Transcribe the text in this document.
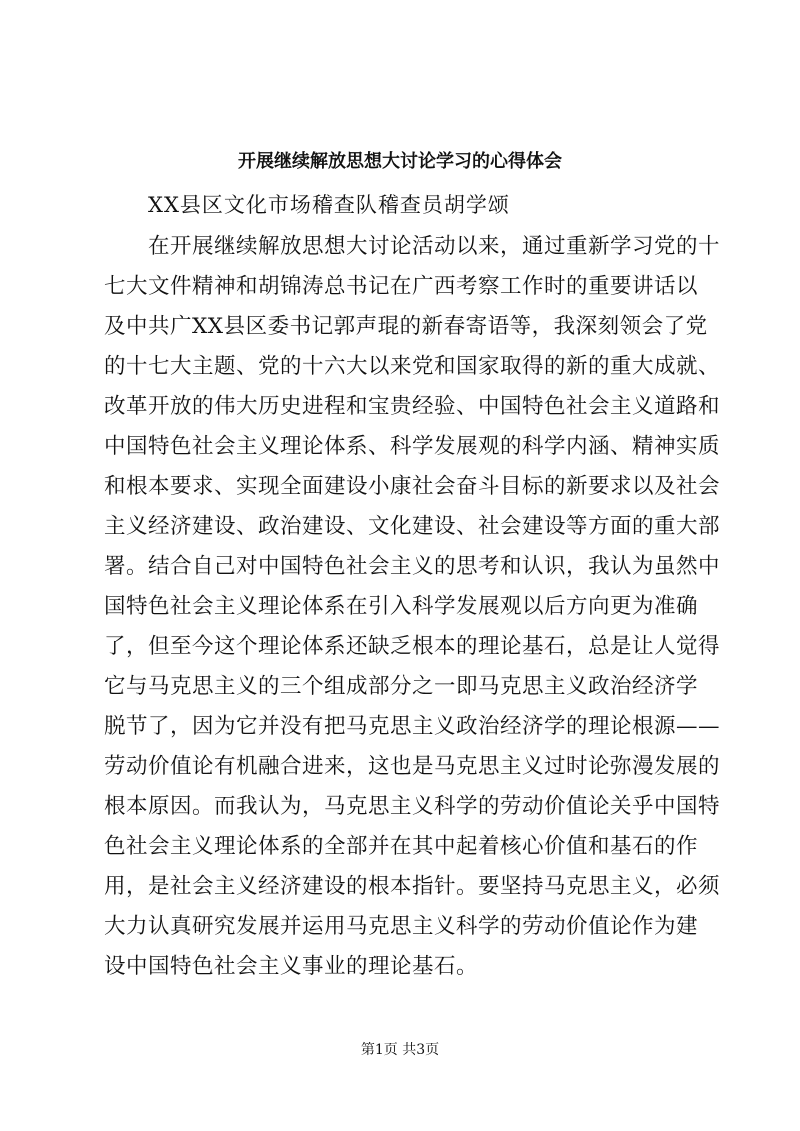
开展继续解放思想大讨论学习的心得体会
XX县区文化市场稽查队稽查员胡学颂
在开展继续解放思想大讨论活动以来，通过重新学习党的十
七大文件精神和胡锦涛总书记在广西考察工作时的重要讲话以
及中共广XX县区委书记郭声琨的新春寄语等，我深刻领会了党
的十七大主题、党的十六大以来党和国家取得的新的重大成就、
改革开放的伟大历史进程和宝贵经验、中国特色社会主义道路和
中国特色社会主义理论体系、科学发展观的科学内涵、精神实质
和根本要求、实现全面建设小康社会奋斗目标的新要求以及社会
主义经济建设、政治建设、文化建设、社会建设等方面的重大部
署。结合自己对中国特色社会主义的思考和认识，我认为虽然中
国特色社会主义理论体系在引入科学发展观以后方向更为准确
了，但至今这个理论体系还缺乏根本的理论基石，总是让人觉得
它与马克思主义的三个组成部分之一即马克思主义政治经济学
脱节了，因为它并没有把马克思主义政治经济学的理论根源——
劳动价值论有机融合进来，这也是马克思主义过时论弥漫发展的
根本原因。而我认为，马克思主义科学的劳动价值论关乎中国特
色社会主义理论体系的全部并在其中起着核心价值和基石的作
用，是社会主义经济建设的根本指针。要坚持马克思主义，必须
大力认真研究发展并运用马克思主义科学的劳动价值论作为建
设中国特色社会主义事业的理论基石。
第1页 共3页
